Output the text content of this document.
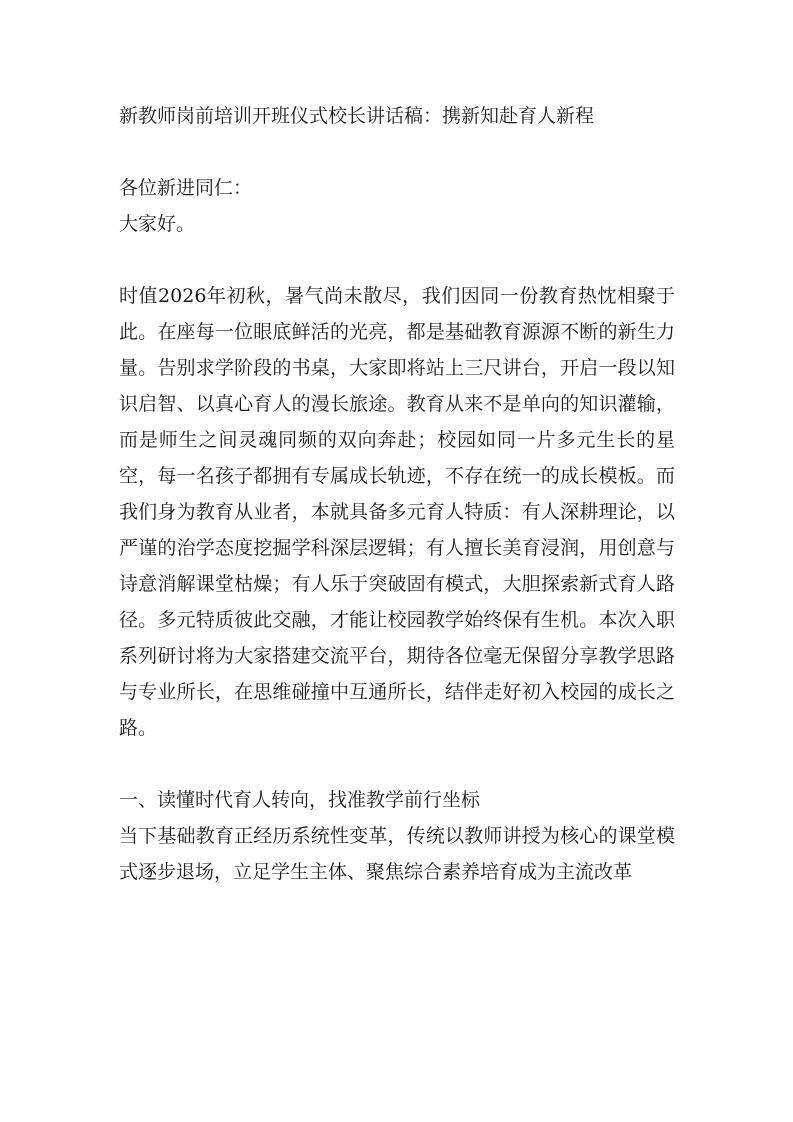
新教师岗前培训开班仪式校长讲话稿：携新知赴育人新程

各位新进同仁：

大家好。

时值2026年初秋，暑气尚未散尽，我们因同一份教育热忱相聚于此。在座每一位眼底鲜活的光亮，都是基础教育源源不断的新生力量。告别求学阶段的书桌，大家即将站上三尺讲台，开启一段以知识启智、以真心育人的漫长旅途。教育从来不是单向的知识灌输，而是师生之间灵魂同频的双向奔赴；校园如同一片多元生长的星空，每一名孩子都拥有专属成长轨迹，不存在统一的成长模板。而我们身为教育从业者，本就具备多元育人特质：有人深耕理论，以严谨的治学态度挖掘学科深层逻辑；有人擅长美育浸润，用创意与诗意消解课堂枯燥；有人乐于突破固有模式，大胆探索新式育人路径。多元特质彼此交融，才能让校园教学始终保有生机。本次入职系列研讨将为大家搭建交流平台，期待各位毫无保留分享教学思路与专业所长，在思维碰撞中互通所长，结伴走好初入校园的成长之路。

一、读懂时代育人转向，找准教学前行坐标

当下基础教育正经历系统性变革，传统以教师讲授为核心的课堂模式逐步退场，立足学生主体、聚焦综合素养培育成为主流改革
